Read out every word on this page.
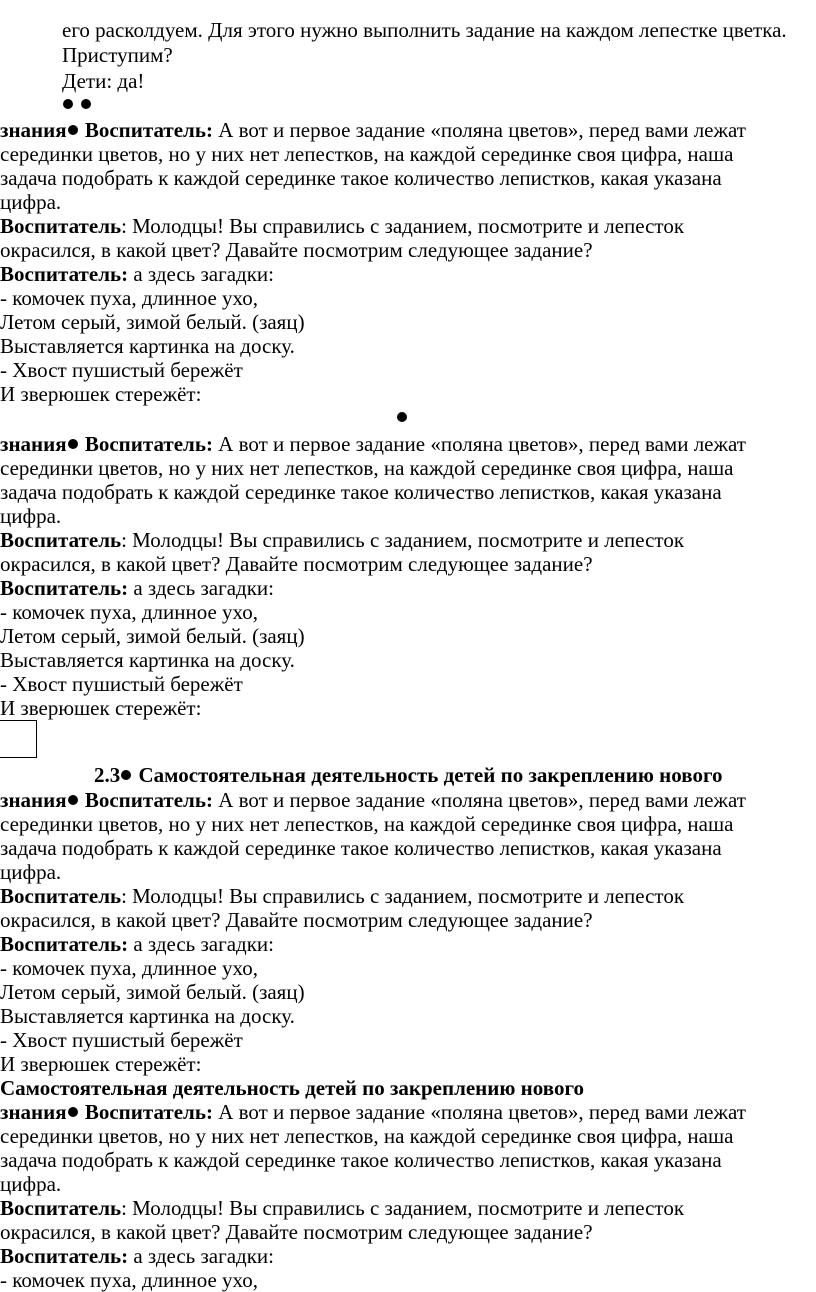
его расколдуем. Для этого нужно выполнить задание на каждом лепестке цветка.
Приступим?
Дети: да!

знания Воспитатель: А вот и первое задание «поляна цветов», перед вами лежат
серединки цветов, но у них нет лепестков, на каждой серединке своя цифра, наша
задача подобрать к каждой серединке такое количество лепистков, какая указана
цифра.
Воспитатель: Молодцы! Вы справились с заданием, посмотрите и лепесток
окрасился, в какой цвет? Давайте посмотрим следующее задание?
Воспитатель: а здесь загадки:
- комочек пуха, длинное ухо,
Летом серый, зимой белый. (заяц)
Выставляется картинка на доску.
- Хвост пушистый бережёт
И зверюшек стережёт:
знания Воспитатель: А вот и первое задание «поляна цветов», перед вами лежат
серединки цветов, но у них нет лепестков, на каждой серединке своя цифра, наша
задача подобрать к каждой серединке такое количество лепистков, какая указана
цифра.
Воспитатель: Молодцы! Вы справились с заданием, посмотрите и лепесток
окрасился, в какой цвет? Давайте посмотрим следующее задание?
Воспитатель: а здесь загадки:
- комочек пуха, длинное ухо,
Летом серый, зимой белый. (заяц)
Выставляется картинка на доску.
- Хвост пушистый бережёт
И зверюшек стережёт:
2.3 Самостоятельная деятельность детей по закреплению нового
знания Воспитатель: А вот и первое задание «поляна цветов», перед вами лежат
серединки цветов, но у них нет лепестков, на каждой серединке своя цифра, наша
задача подобрать к каждой серединке такое количество лепистков, какая указана
цифра.
Воспитатель: Молодцы! Вы справились с заданием, посмотрите и лепесток
окрасился, в какой цвет? Давайте посмотрим следующее задание?
Воспитатель: а здесь загадки:
- комочек пуха, длинное ухо,
Летом серый, зимой белый. (заяц)
Выставляется картинка на доску.
- Хвост пушистый бережёт
И зверюшек стережёт:
Самостоятельная деятельность детей по закреплению нового
знания Воспитатель: А вот и первое задание «поляна цветов», перед вами лежат
серединки цветов, но у них нет лепестков, на каждой серединке своя цифра, наша
задача подобрать к каждой серединке такое количество лепистков, какая указана
цифра.
Воспитатель: Молодцы! Вы справились с заданием, посмотрите и лепесток
окрасился, в какой цвет? Давайте посмотрим следующее задание?
Воспитатель: а здесь загадки:
- комочек пуха, длинное ухо,
